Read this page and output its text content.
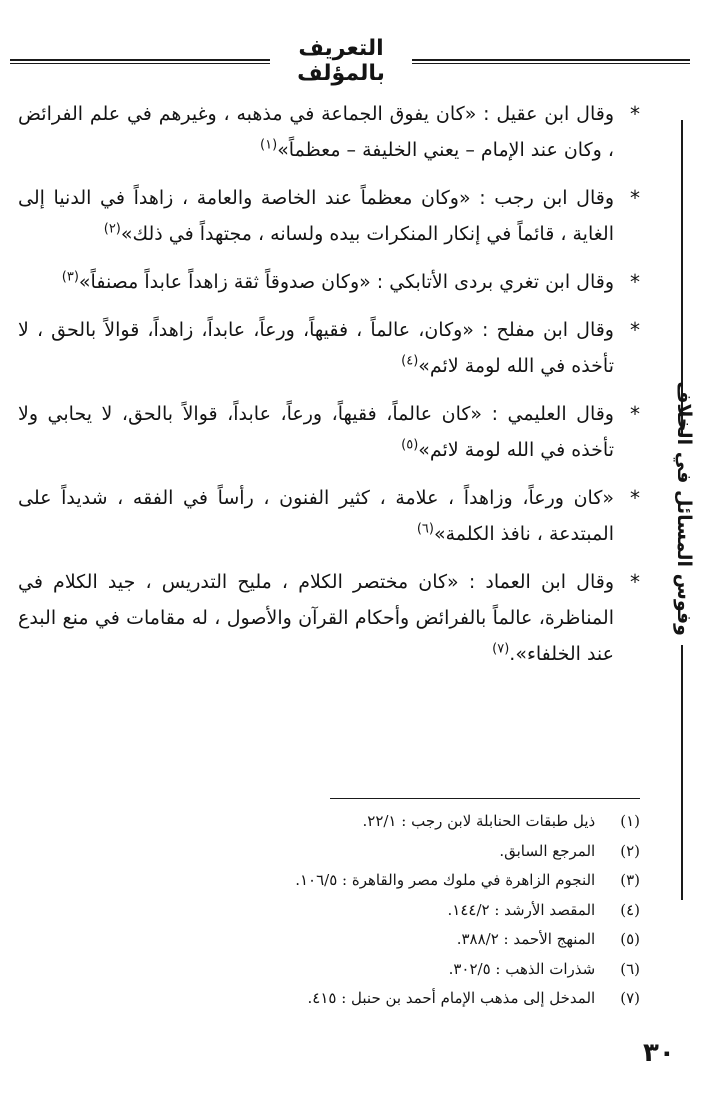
التعريف بالمؤلف
وفوس المسائل في الخلاف

*
وقال ابن عقيل : «كان يفوق الجماعة في مذهبه ، وغيرهم في علم الفرائض ، وكان عند الإمام – يعني الخليفة – معظماً»$^{(١)}$

*
وقال ابن رجب : «وكان معظماً عند الخاصة والعامة ، زاهداً في الدنيا إلى الغاية ، قائماً في إنكار المنكرات بيده ولسانه ، مجتهداً في ذلك»$^{(٢)}$

*
وقال ابن تغري بردى الأتابكي : «وكان صدوقاً ثقة زاهداً عابداً مصنفاً»$^{(٣)}$

*
وقال ابن مفلح : «وكان، عالماً ، فقيهاً، ورعاً، عابداً، زاهداً، قوالاً بالحق ، لا تأخذه في الله لومة لائم»$^{(٤)}$

*
وقال العليمي : «كان عالماً، فقيهاً، ورعاً، عابداً، قوالاً بالحق، لا يحابي ولا تأخذه في الله لومة لائم»$^{(٥)}$

*
«كان ورعاً، وزاهداً ، علامة ، كثير الفنون ، رأساً في الفقه ، شديداً على المبتدعة ، نافذ الكلمة»$^{(٦)}$

*
وقال ابن العماد : «كان مختصر الكلام ، مليح التدريس ، جيد الكلام في المناظرة، عالماً بالفرائض وأحكام القرآن والأصول ، له مقامات في منع البدع عند الخلفاء».$^{(٧)}$

(١) ذيل طبقات الحنابلة لابن رجب : ٢٢/١.
(٢) المرجع السابق.
(٣) النجوم الزاهرة في ملوك مصر والقاهرة : ١٠٦/٥.
(٤) المقصد الأرشد : ١٤٤/٢.
(٥) المنهج الأحمد : ٣٨٨/٢.
(٦) شذرات الذهب : ٣٠٢/٥.
(٧) المدخل إلى مذهب الإمام أحمد بن حنبل : ٤١٥.
٣٠
